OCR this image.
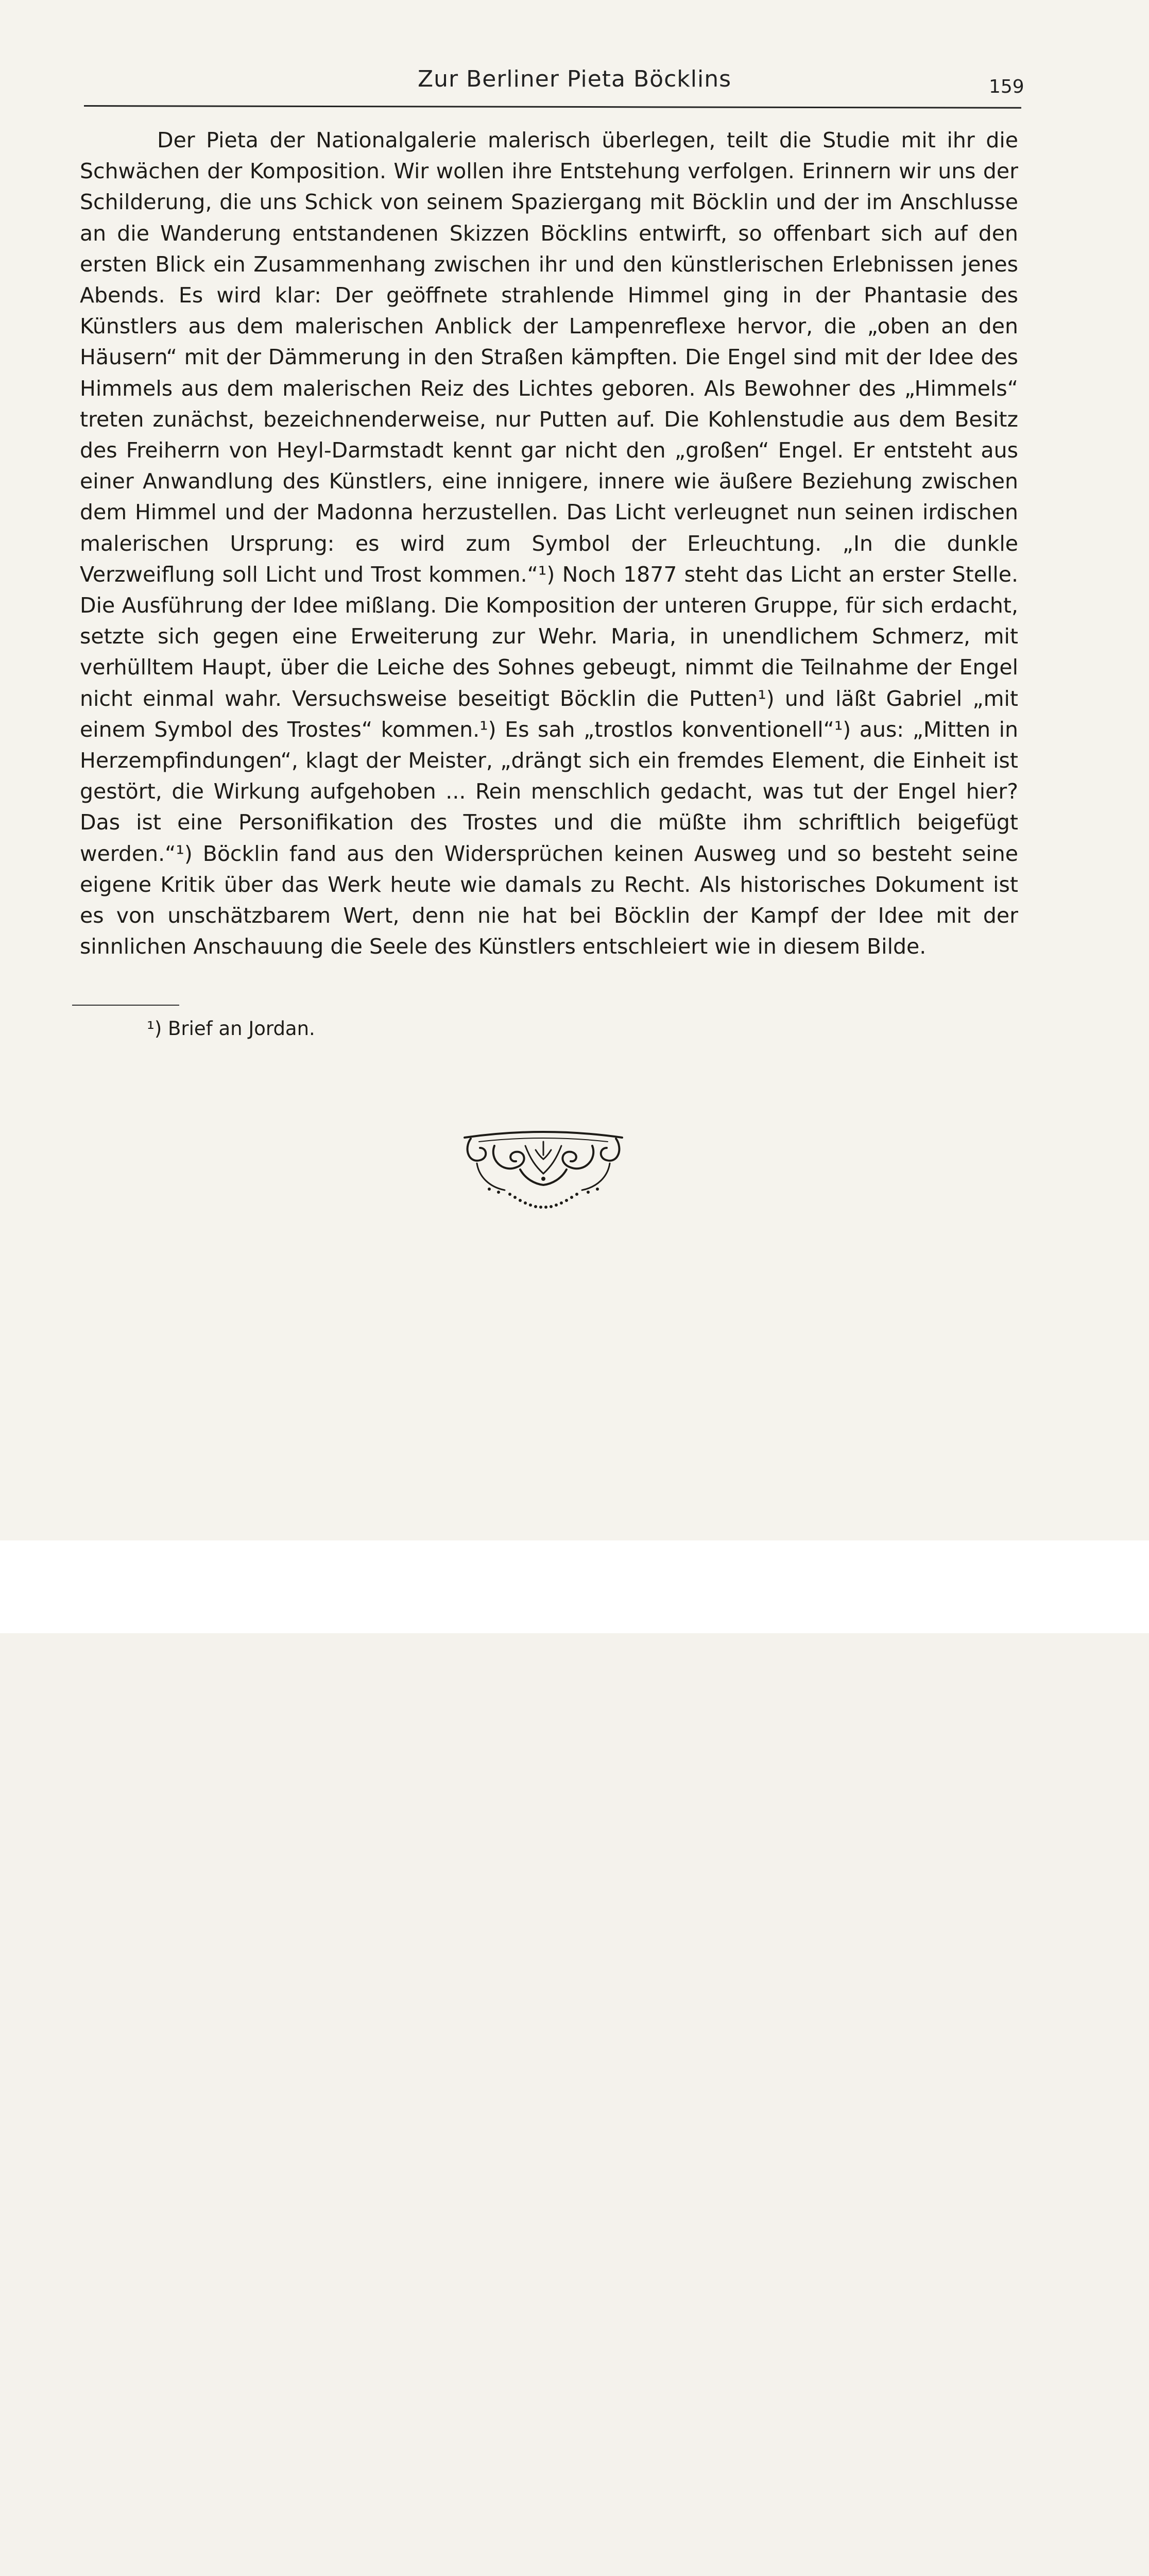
Zur Berliner Pieta Böcklins	159

Der Pieta der Nationalgalerie malerisch überlegen, teilt die Studie mit ihr die Schwächen der Komposition. Wir wollen ihre Entstehung verfolgen. Erinnern wir uns der Schilderung, die uns Schick von seinem Spaziergang mit Böcklin und der im Anschlusse an die Wanderung entstandenen Skizzen Böcklins entwirft, so offenbart sich auf den ersten Blick ein Zusammenhang zwischen ihr und den künstlerischen Erlebnissen jenes Abends. Es wird klar: Der geöffnete strahlende Himmel ging in der Phantasie des Künstlers aus dem malerischen Anblick der Lampenreflexe hervor, die „oben an den Häusern“ mit der Dämmerung in den Straßen kämpften. Die Engel sind mit der Idee des Himmels aus dem malerischen Reiz des Lichtes geboren. Als Bewohner des „Himmels“ treten zunächst, bezeichnenderweise, nur Putten auf. Die Kohlenstudie aus dem Besitz des Freiherrn von Heyl-Darmstadt kennt gar nicht den „großen“ Engel. Er entsteht aus einer Anwandlung des Künstlers, eine innigere, innere wie äußere Beziehung zwischen dem Himmel und der Madonna herzustellen. Das Licht verleugnet nun seinen irdischen malerischen Ursprung: es wird zum Symbol der Erleuchtung. „In die dunkle Verzweiflung soll Licht und Trost kommen.“¹) Noch 1877 steht das Licht an erster Stelle. Die Ausführung der Idee mißlang. Die Komposition der unteren Gruppe, für sich erdacht, setzte sich gegen eine Erweiterung zur Wehr. Maria, in unendlichem Schmerz, mit verhülltem Haupt, über die Leiche des Sohnes gebeugt, nimmt die Teilnahme der Engel nicht einmal wahr. Versuchsweise beseitigt Böcklin die Putten¹) und läßt Gabriel „mit einem Symbol des Trostes“ kommen.¹) Es sah „trostlos konventionell“¹) aus: „Mitten in Herzempfindungen“, klagt der Meister, „drängt sich ein fremdes Element, die Einheit ist gestört, die Wirkung aufgehoben ... Rein menschlich gedacht, was tut der Engel hier? Das ist eine Personifikation des Trostes und die müßte ihm schriftlich beigefügt werden.“¹) Böcklin fand aus den Widersprüchen keinen Ausweg und so besteht seine eigene Kritik über das Werk heute wie damals zu Recht. Als historisches Dokument ist es von unschätzbarem Wert, denn nie hat bei Böcklin der Kampf der Idee mit der sinnlichen Anschauung die Seele des Künstlers entschleiert wie in diesem Bilde.

¹) Brief an Jordan.
